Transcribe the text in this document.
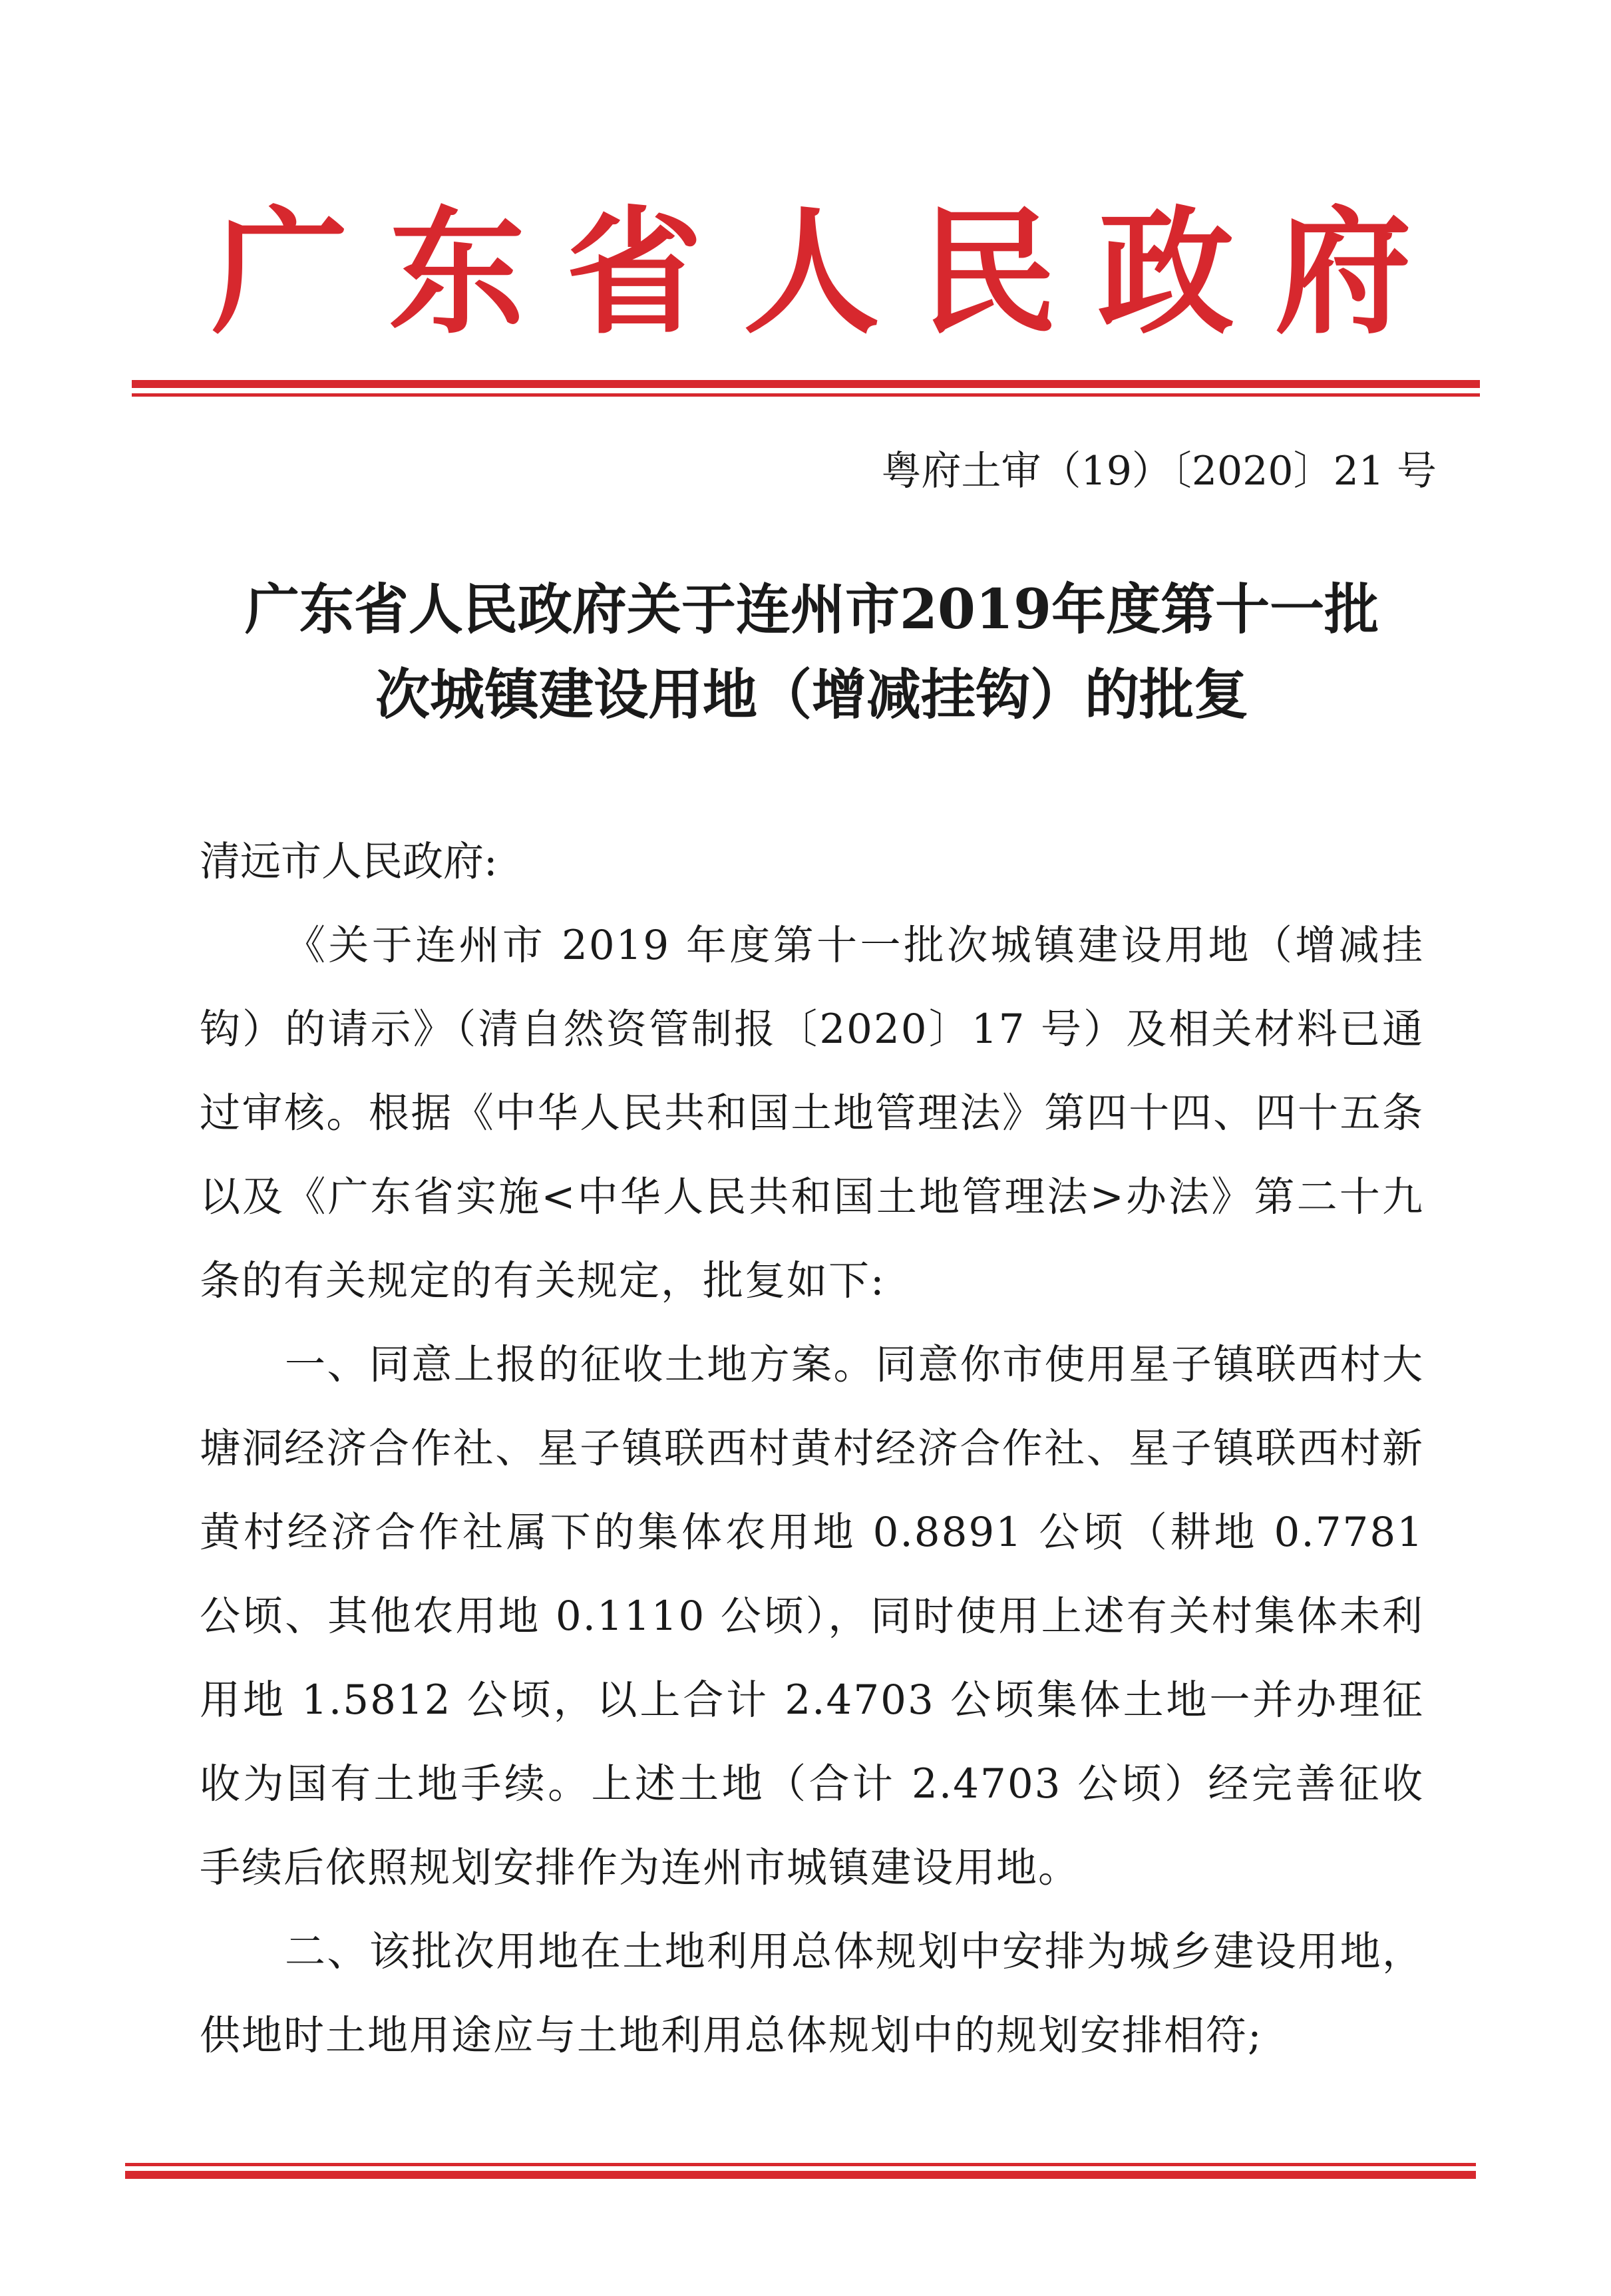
广 东 省 人 民 政 府
粤府土审（19）〔2020〕21 号
广东省人民政府关于连州市2019年度第十一批
次城镇建设用地（增减挂钩）的批复
清远市人民政府:
《关于连州市 2019 年度第十一批次城镇建设用地（增减挂钩）的请示》（清自然资管制报〔2020〕17 号）及相关材料已通过审核。根据《中华人民共和国土地管理法》第四十四、四十五条以及《广东省实施<中华人民共和国土地管理法>办法》第二十九条的有关规定的有关规定，批复如下:
一、同意上报的征收土地方案。同意你市使用星子镇联西村大塘洞经济合作社、星子镇联西村黄村经济合作社、星子镇联西村新黄村经济合作社属下的集体农用地 0.8891 公顷（耕地 0.7781 公顷、其他农用地 0.1110 公顷），同时使用上述有关村集体未利用地 1.5812 公顷，以上合计 2.4703 公顷集体土地一并办理征收为国有土地手续。上述土地（合计 2.4703 公顷）经完善征收手续后依照规划安排作为连州市城镇建设用地。
二、该批次用地在土地利用总体规划中安排为城乡建设用地，供地时土地用途应与土地利用总体规划中的规划安排相符;
